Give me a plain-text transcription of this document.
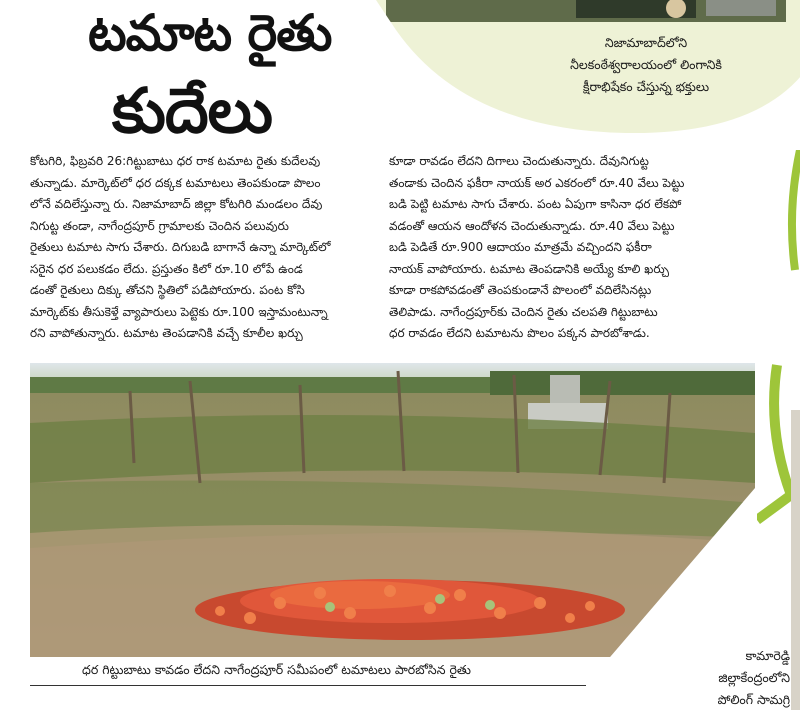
టమాట రైతు
కుదేలు
నిజామాబాద్‌లోని
నీలకంఠేశ్వరాలయంలో లింగానికి
క్షీరాభిషేకం చేస్తున్న భక్తులు

కోటగిరి, ఫిబ్రవరి 26:గిట్టుబాటు ధర రాక టమాట రైతు కుదేలవు

తున్నాడు. మార్కెట్‌లో ధర దక్కక టమాటలు తెంపకుండా పొలం

లోనే వదిలేస్తున్నా రు. నిజామాబాద్ జిల్లా కోటగిరి మండలం దేవు

నిగుట్ట తండా, నాగేంద్రపూర్ గ్రామాలకు చెందిన పలువురు

రైతులు టమాట సాగు చేశారు. దిగుబడి బాగానే ఉన్నా మార్కెట్‌లో

సరైన ధర పలుకడం లేదు. ప్రస్తుతం కిలో రూ.10 లోపే ఉండ

డంతో రైతులు దిక్కు తోచని స్థితిలో పడిపోయారు. పంట కోసి

మార్కెట్‌కు తీసుకెళ్తే వ్యాపారులు పెట్టెకు రూ.100 ఇస్తామంటున్నా

రని వాపోతున్నారు. టమాట తెంపడానికి వచ్చే కూలీల ఖర్చు

కూడా రావడం లేదని దిగాలు చెందుతున్నారు. దేవునిగుట్ట

తండాకు చెందిన ఫకీరా నాయక్ అర ఎకరంలో రూ.40 వేలు పెట్టు

బడి పెట్టి టమాట సాగు చేశారు. పంట ఏపుగా కాసినా ధర లేకపో

వడంతో ఆయన ఆందోళన చెందుతున్నాడు. రూ.40 వేలు పెట్టు

బడి పెడితే రూ.900 ఆదాయం మాత్రమే వచ్చిందని ఫకీరా

నాయక్ వాపోయారు. టమాట తెంపడానికి అయ్యే కూలి ఖర్చు

కూడా రాకపోవడంతో తెంపకుండానే పొలంలో వదిలేసినట్లు

తెలిపాడు. నాగేంద్రపూర్‌కు చెందిన రైతు చలపతి గిట్టుబాటు

ధర రావడం లేదని టమాటను పొలం పక్కన పారబోశాడు.

ధర గిట్టుబాటు కావడం లేదని నాగేంద్రపూర్ సమీపంలో టమాటలు పారబోసిన రైతు
కామారెడ్డి
జిల్లాకేంద్రంలోని
పోలింగ్ సామగ్రి
